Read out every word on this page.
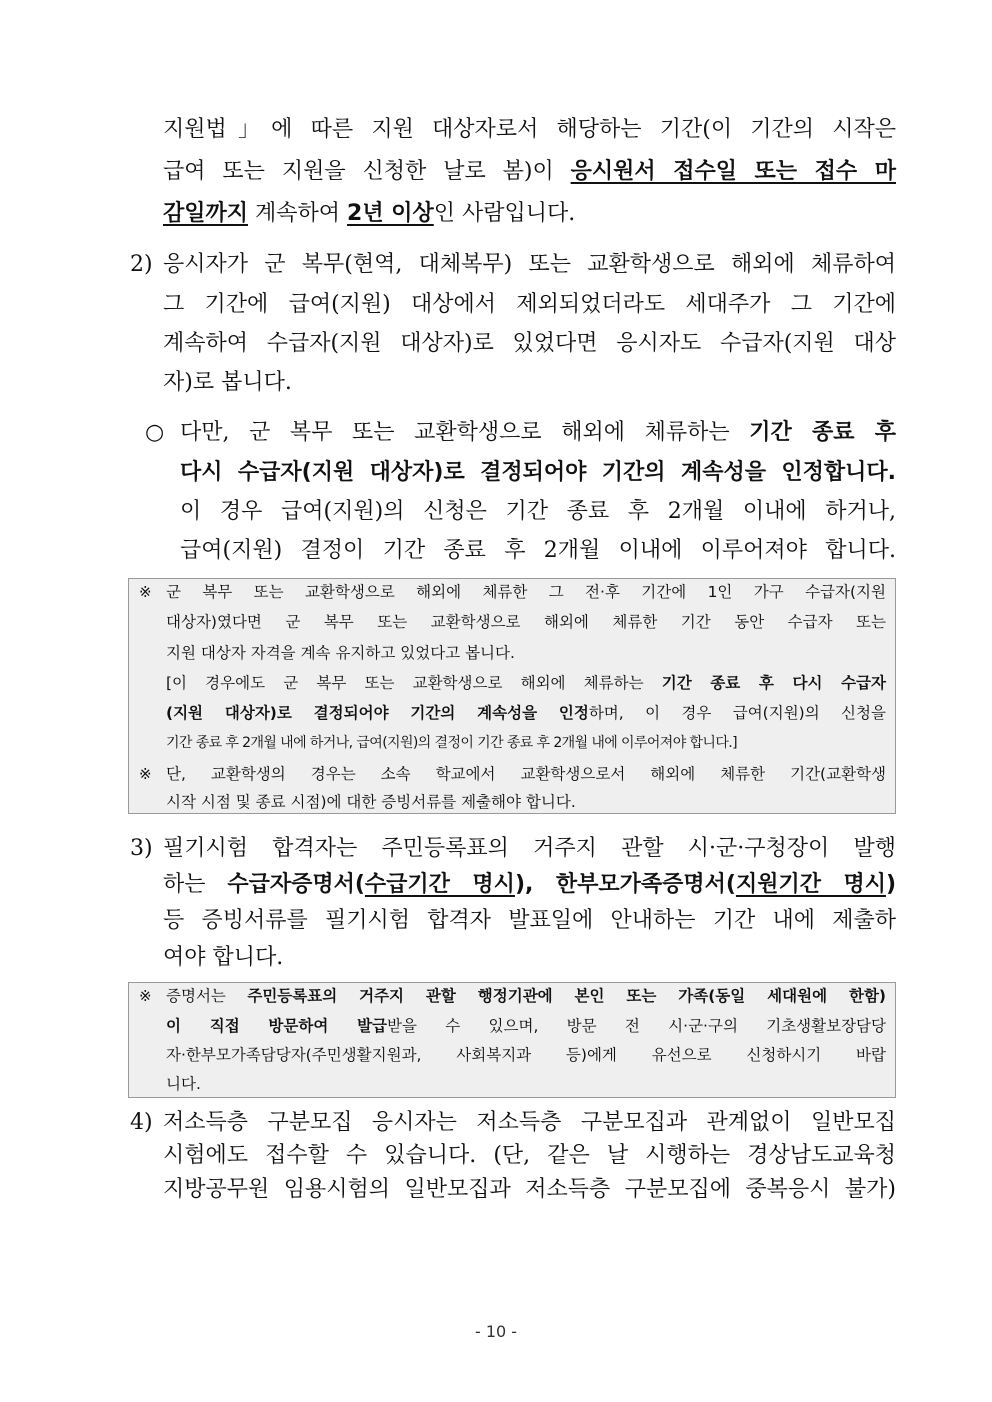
지원법」에 따른 지원 대상자로서 해당하는 기간(이 기간의 시작은
급여 또는 지원을 신청한 날로 봄)이 응시원서 접수일 또는 접수 마
감일까지 계속하여 2년 이상인 사람입니다.
2) 응시자가 군 복무(현역, 대체복무) 또는 교환학생으로 해외에 체류하여
그 기간에 급여(지원) 대상에서 제외되었더라도 세대주가 그 기간에
계속하여 수급자(지원 대상자)로 있었다면 응시자도 수급자(지원 대상
자)로 봅니다.
○ 다만, 군 복무 또는 교환학생으로 해외에 체류하는 기간 종료 후
다시 수급자(지원 대상자)로 결정되어야 기간의 계속성을 인정합니다.
이 경우 급여(지원)의 신청은 기간 종료 후 2개월 이내에 하거나,
급여(지원) 결정이 기간 종료 후 2개월 이내에 이루어져야 합니다.
※ 군 복무 또는 교환학생으로 해외에 체류한 그 전·후 기간에 1인 가구 수급자(지원
대상자)였다면 군 복무 또는 교환학생으로 해외에 체류한 기간 동안 수급자 또는
지원 대상자 자격을 계속 유지하고 있었다고 봅니다.
[이 경우에도 군 복무 또는 교환학생으로 해외에 체류하는 기간 종료 후 다시 수급자
(지원 대상자)로 결정되어야 기간의 계속성을 인정하며, 이 경우 급여(지원)의 신청을
기간 종료 후 2개월 내에 하거나, 급여(지원)의 결정이 기간 종료 후 2개월 내에 이루어져야 합니다.]
※ 단, 교환학생의 경우는 소속 학교에서 교환학생으로서 해외에 체류한 기간(교환학생
시작 시점 및 종료 시점)에 대한 증빙서류를 제출해야 합니다.
3) 필기시험 합격자는 주민등록표의 거주지 관할 시·군·구청장이 발행
하는 수급자증명서(수급기간 명시), 한부모가족증명서(지원기간 명시)
등 증빙서류를 필기시험 합격자 발표일에 안내하는 기간 내에 제출하
여야 합니다.
※ 증명서는 주민등록표의 거주지 관할 행정기관에 본인 또는 가족(동일 세대원에 한함)
이 직접 방문하여 발급받을 수 있으며, 방문 전 시·군·구의 기초생활보장담당
자·한부모가족담당자(주민생활지원과, 사회복지과 등)에게 유선으로 신청하시기 바랍
니다.
4) 저소득층 구분모집 응시자는 저소득층 구분모집과 관계없이 일반모집
시험에도 접수할 수 있습니다. (단, 같은 날 시행하는 경상남도교육청
지방공무원 임용시험의 일반모집과 저소득층 구분모집에 중복응시 불가)
- 10 -
